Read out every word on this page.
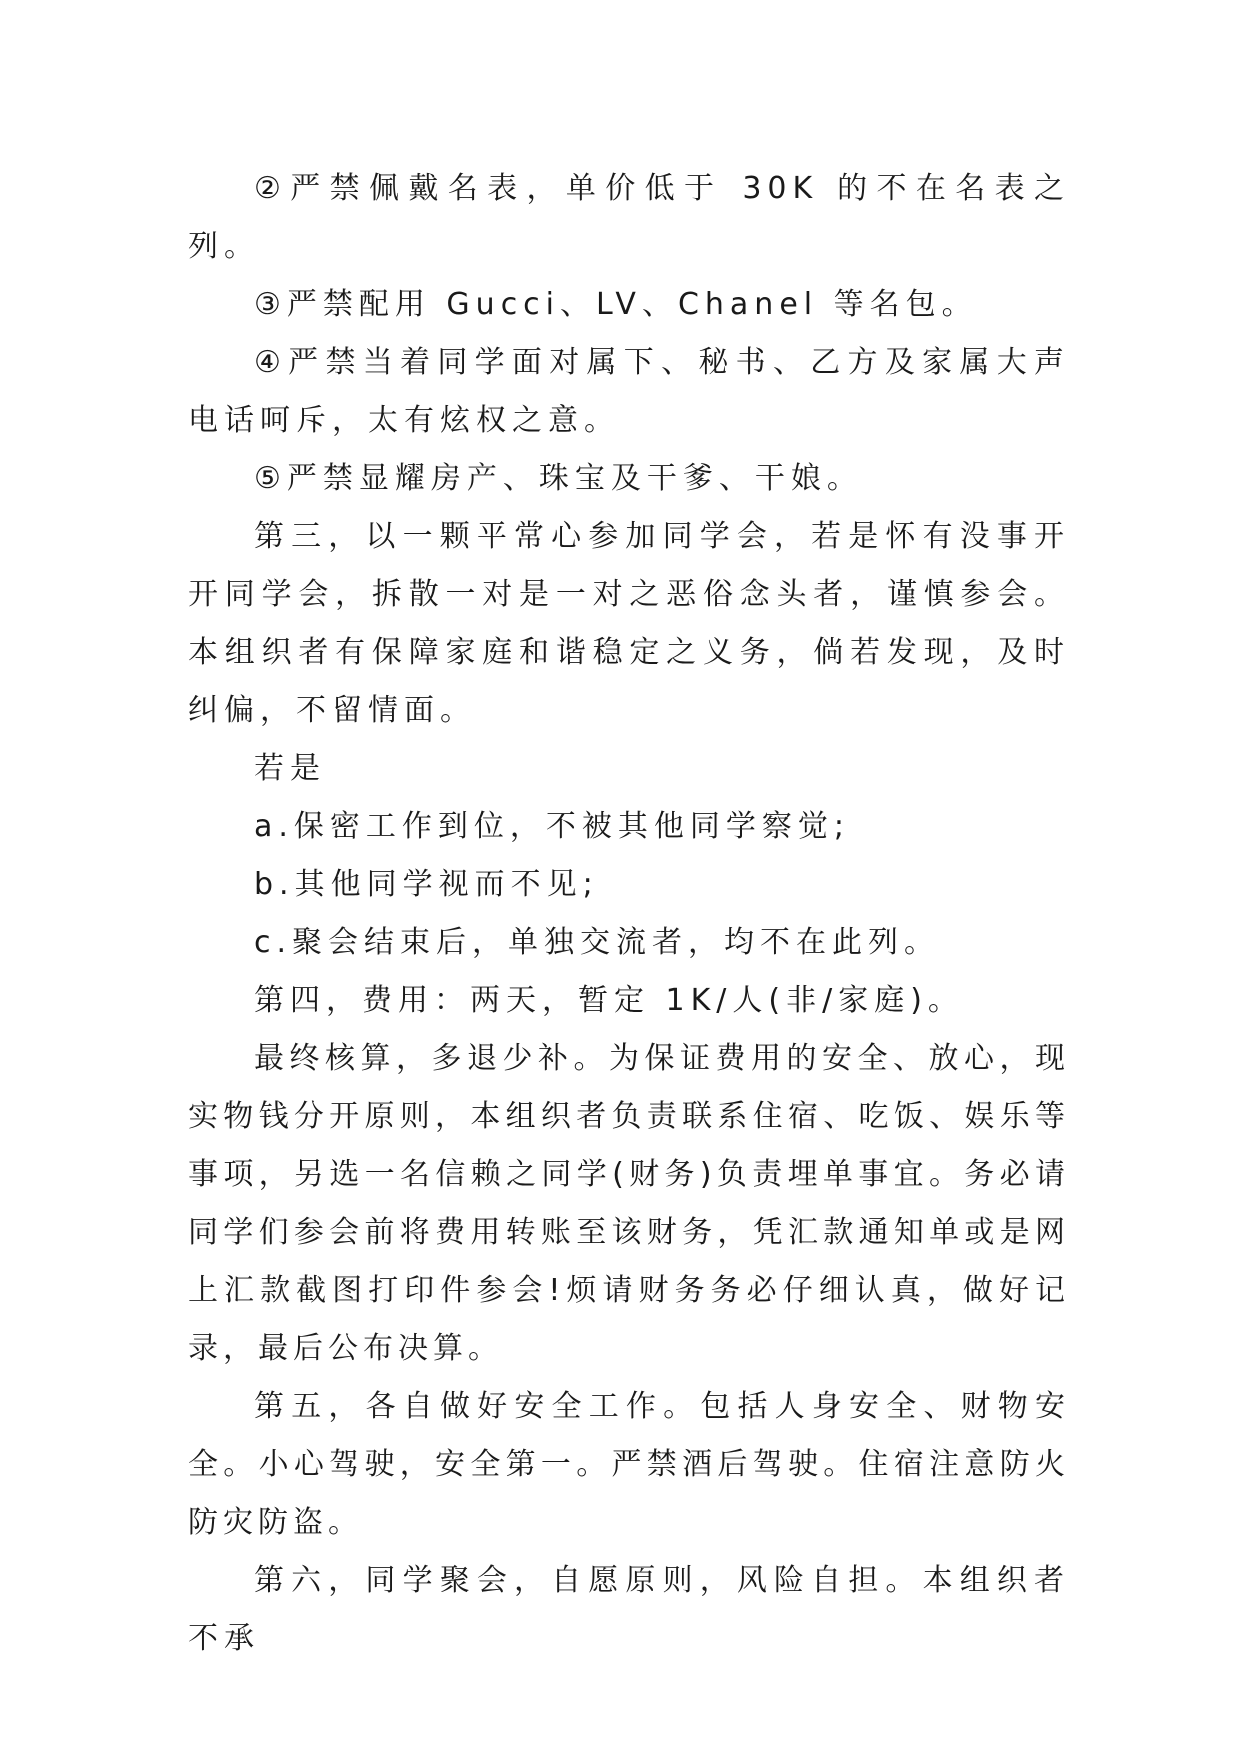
②严禁佩戴名表，单价低于 30K 的不在名表之列。

③严禁配用 Gucci、LV、Chanel 等名包。

④严禁当着同学面对属下、秘书、乙方及家属大声电话呵斥，太有炫权之意。

⑤严禁显耀房产、珠宝及干爹、干娘。

第三，以一颗平常心参加同学会，若是怀有没事开开同学会，拆散一对是一对之恶俗念头者，谨慎参会。本组织者有保障家庭和谐稳定之义务，倘若发现，及时纠偏，不留情面。

若是

a.保密工作到位，不被其他同学察觉;

b.其他同学视而不见;

c.聚会结束后，单独交流者，均不在此列。

第四，费用：两天，暂定 1K/人(非/家庭)。

最终核算，多退少补。为保证费用的安全、放心，现实物钱分开原则，本组织者负责联系住宿、吃饭、娱乐等事项，另选一名信赖之同学(财务)负责埋单事宜。务必请同学们参会前将费用转账至该财务，凭汇款通知单或是网上汇款截图打印件参会!烦请财务务必仔细认真，做好记录，最后公布决算。

第五，各自做好安全工作。包括人身安全、财物安全。小心驾驶，安全第一。严禁酒后驾驶。住宿注意防火防灾防盗。

第六，同学聚会，自愿原则，风险自担。本组织者不承
